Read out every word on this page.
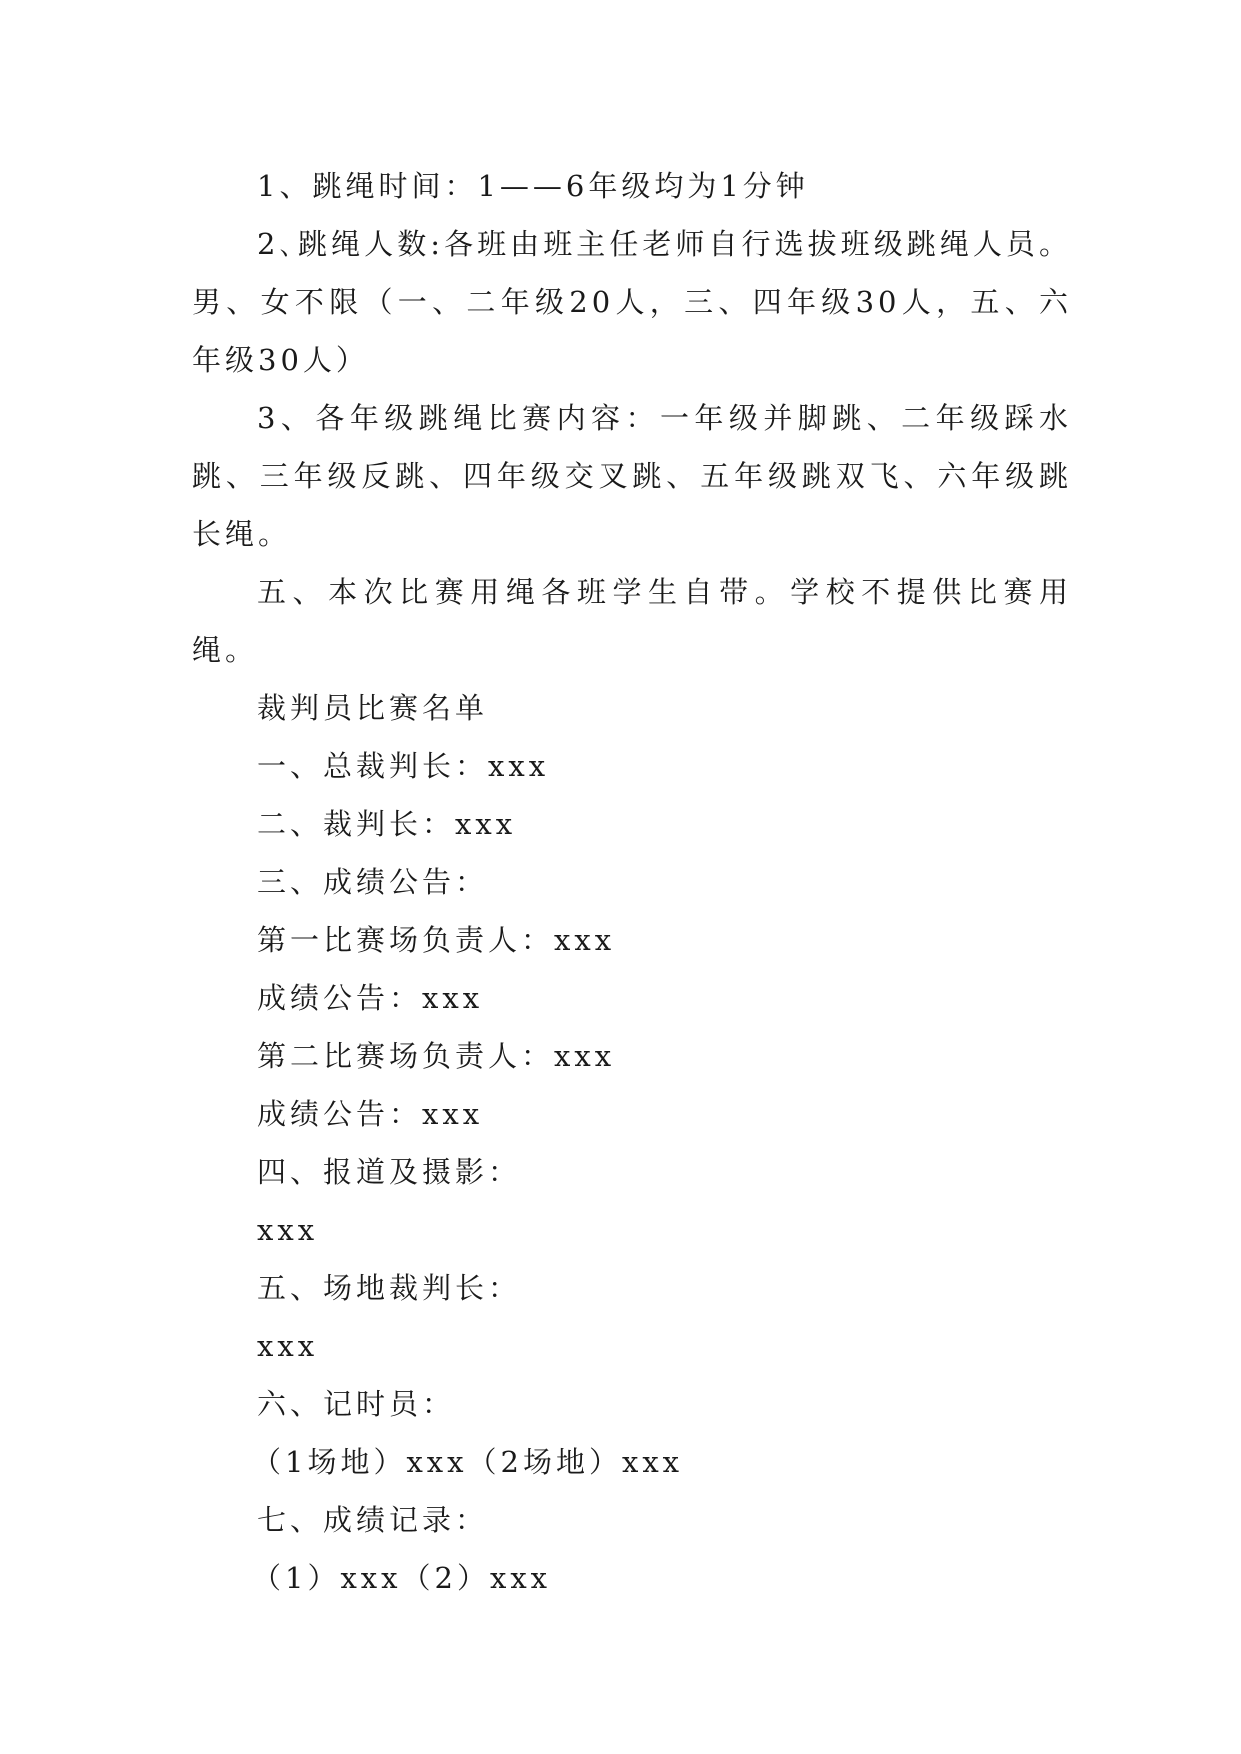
1、跳绳时间：1——6年级均为1分钟

2､跳绳人数:各班由班主任老师自行选拔班级跳绳人员。男、女不限（一、二年级20人，三、四年级30人，五、六年级30人）

3、各年级跳绳比赛内容：一年级并脚跳、二年级踩水跳、三年级反跳、四年级交叉跳、五年级跳双飞、六年级跳长绳。

五、本次比赛用绳各班学生自带。学校不提供比赛用绳。

裁判员比赛名单

一、总裁判长：xxx

二、裁判长：xxx

三、成绩公告：

第一比赛场负责人：xxx

成绩公告：xxx

第二比赛场负责人：xxx

成绩公告：xxx

四、报道及摄影：

xxx

五、场地裁判长：

xxx

六、记时员：

（1场地）xxx（2场地）xxx

七、成绩记录：

（1）xxx（2）xxx
